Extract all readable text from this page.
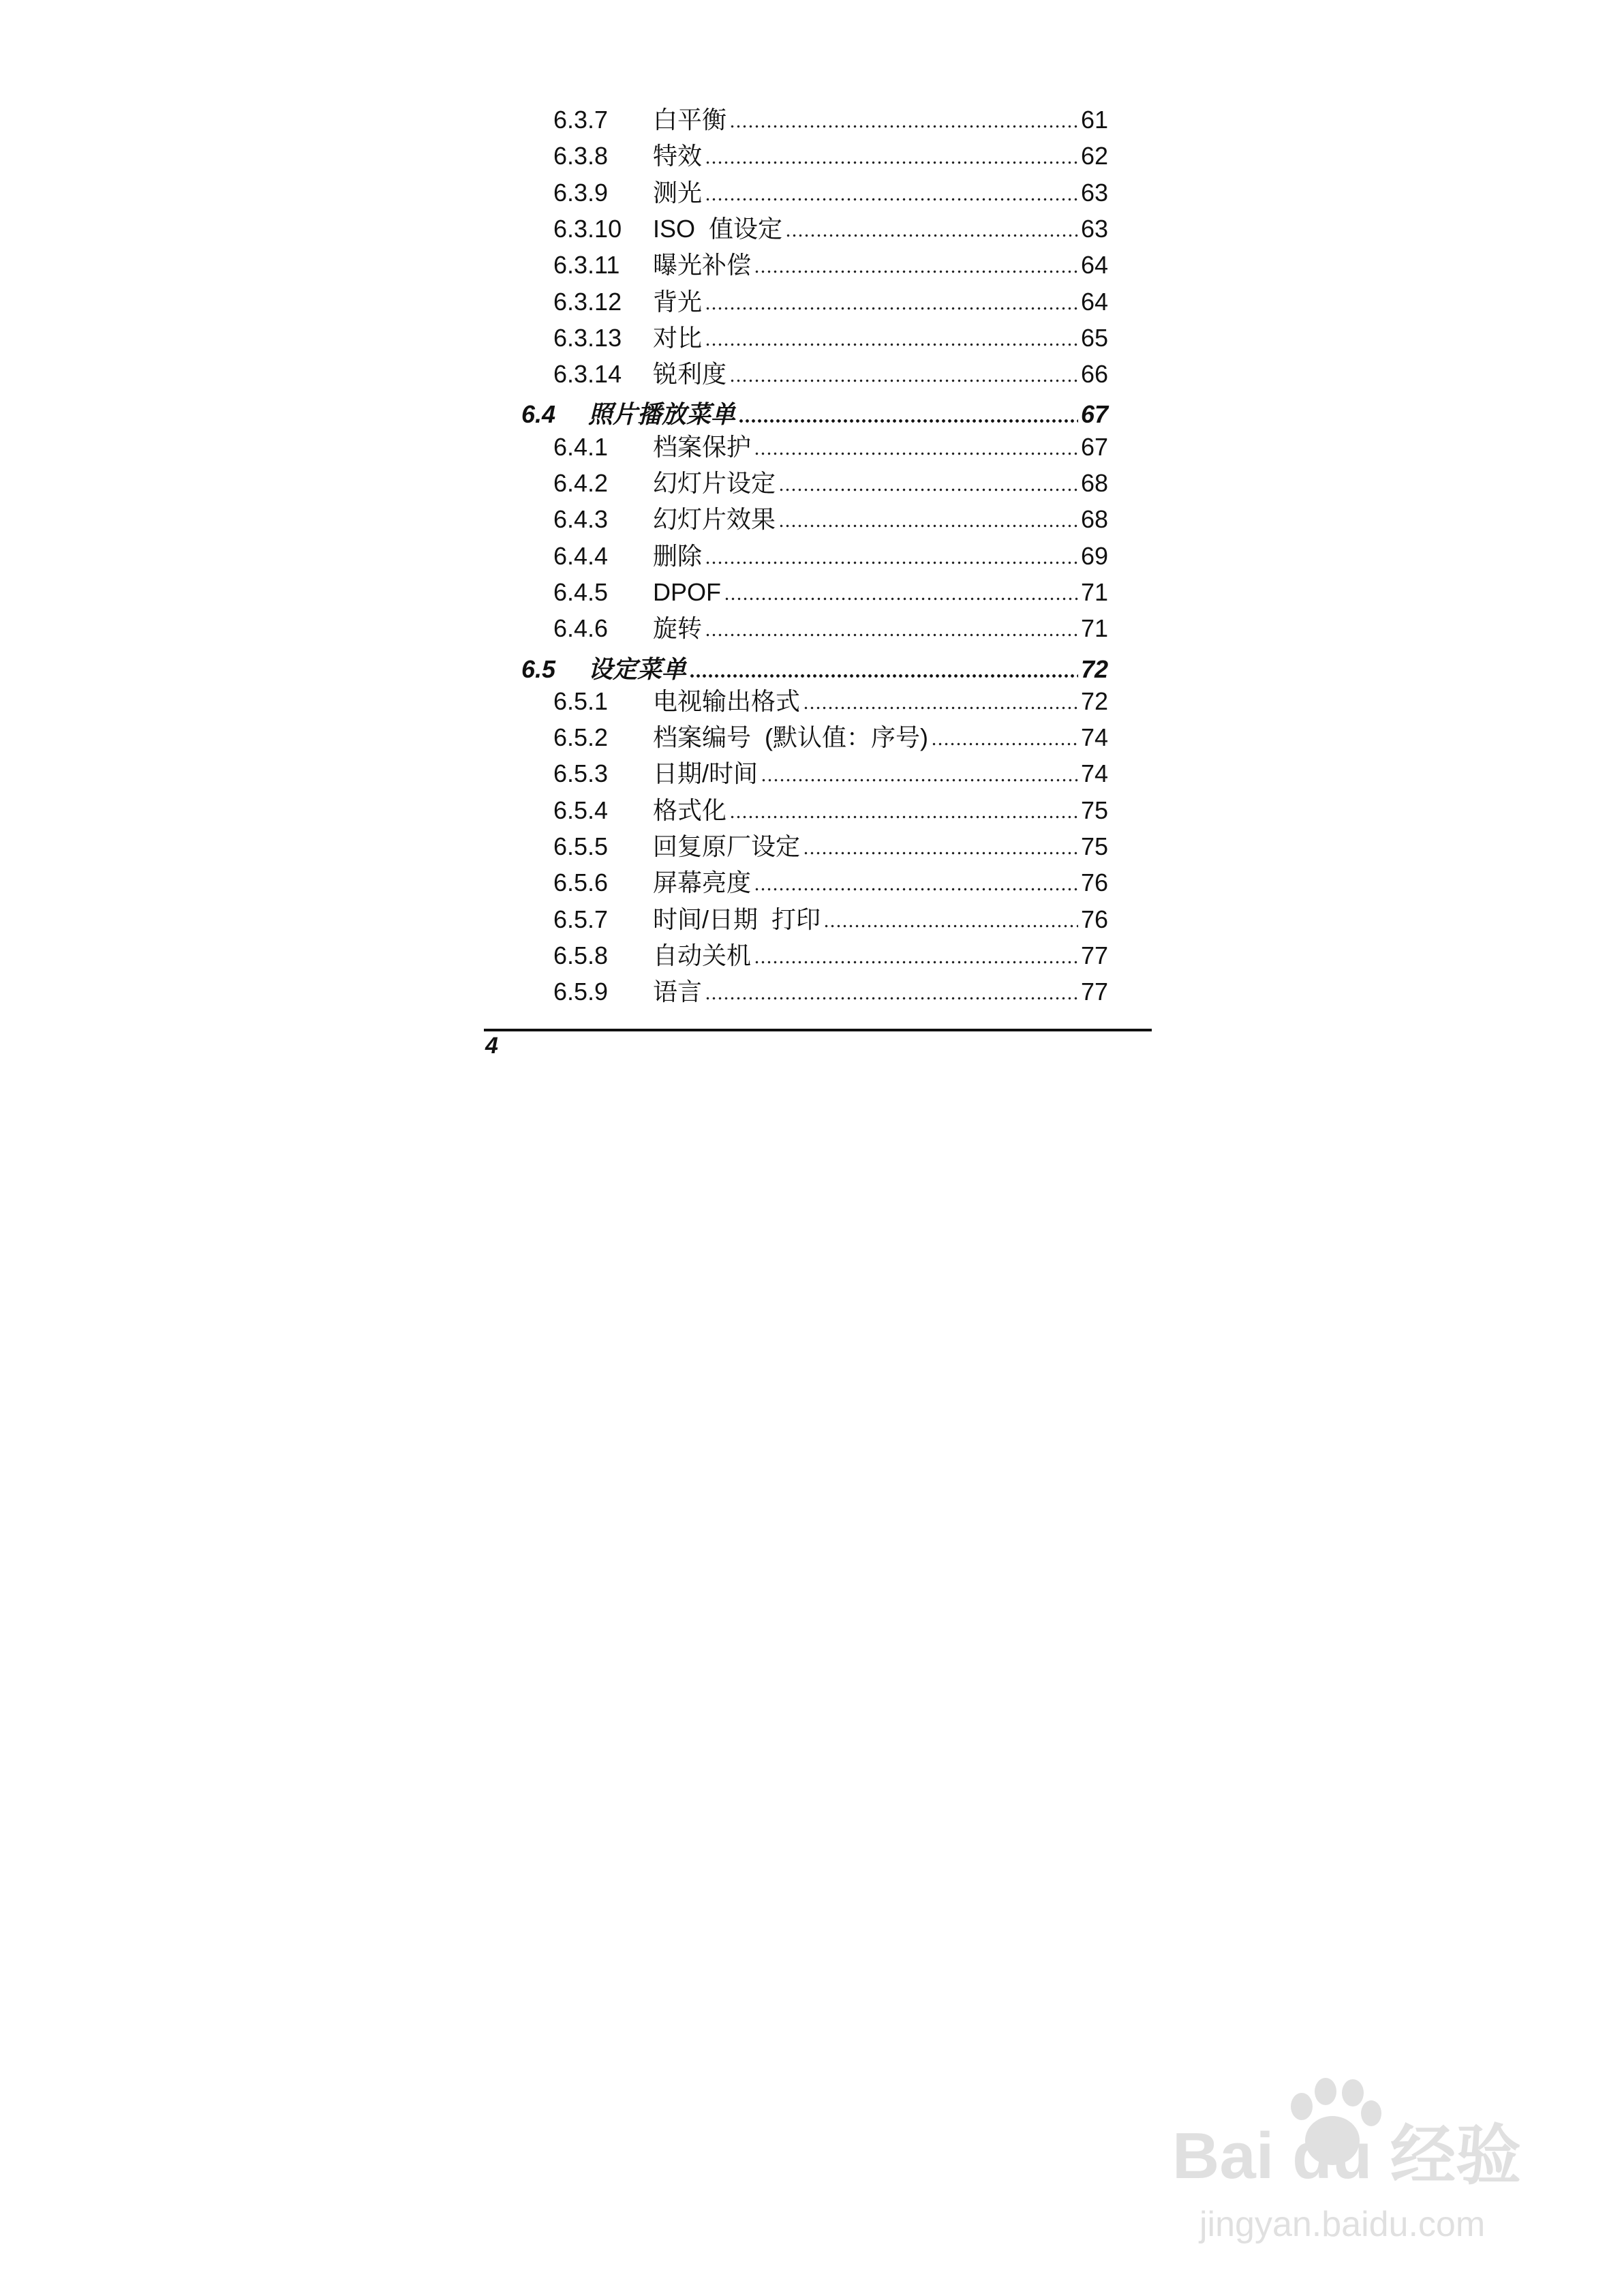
6.3.7	白平衡	61
6.3.8	特效	62
6.3.9	测光	63
6.3.10	ISO  值设定	63
6.3.11	曝光补偿	64
6.3.12	背光	64
6.3.13	对比	65
6.3.14	锐利度	66
6.4	照片播放菜单	67
6.4.1	档案保护	67
6.4.2	幻灯片设定	68
6.4.3	幻灯片效果	68
6.4.4	删除	69
6.4.5	DPOF	71
6.4.6	旋转	71
6.5	设定菜单	72
6.5.1	电视输出格式	72
6.5.2	档案编号  (默认值：序号)	74
6.5.3	日期/时间	74
6.5.4	格式化	75
6.5.5	回复原厂设定	75
6.5.6	屏幕亮度	76
6.5.7	时间/日期  打印	76
6.5.8	自动关机	77
6.5.9	语言	77
4
Bai du 经验
jingyan.baidu.com
